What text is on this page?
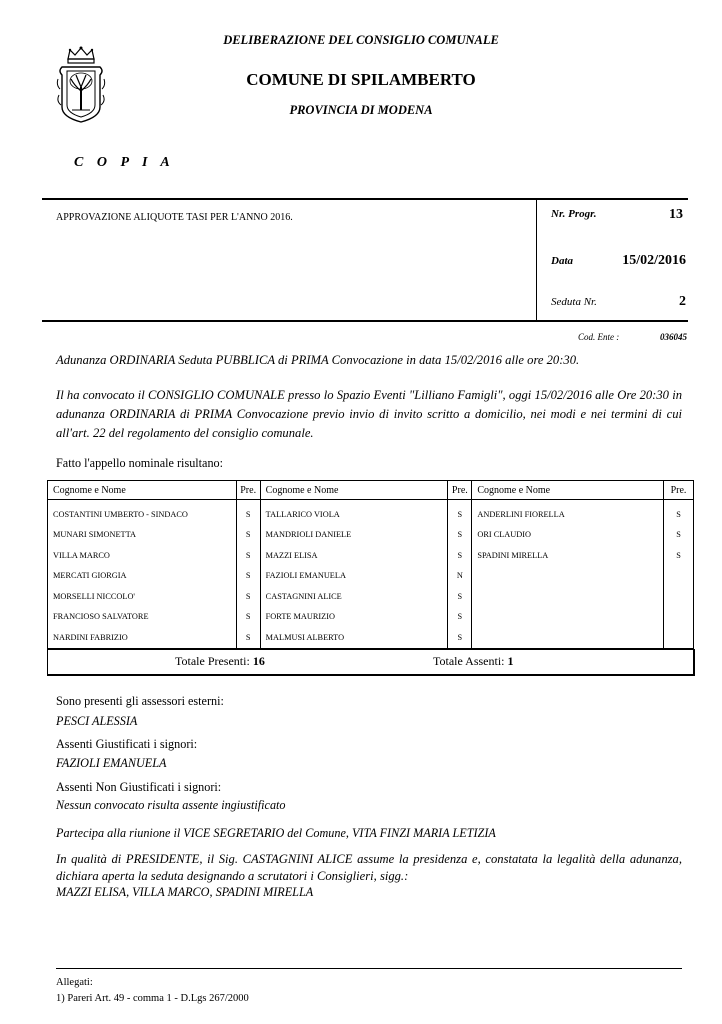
DELIBERAZIONE DEL CONSIGLIO COMUNALE
COMUNE DI SPILAMBERTO
PROVINCIA DI MODENA
C O P I A
APPROVAZIONE ALIQUOTE TASI PER L'ANNO 2016.	Nr. Progr.	13
Data	15/02/2016
Seduta Nr.	2
Cod. Ente :	036045
Adunanza ORDINARIA Seduta PUBBLICA di PRIMA Convocazione in data 15/02/2016 alle ore 20:30.
Il ha convocato il CONSIGLIO COMUNALE presso lo Spazio Eventi "Lilliano Famigli", oggi 15/02/2016 alle Ore 20:30 in adunanza ORDINARIA di PRIMA Convocazione previo invio di invito scritto a domicilio, nei modi e nei termini di cui all'art. 22 del regolamento del consiglio comunale.
Fatto l'appello nominale risultano:
Cognome e Nome	Pre.	Cognome e Nome	Pre.	Cognome e Nome	Pre.

COSTANTINI UMBERTO - SINDACO	S	TALLARICO VIOLA	S	ANDERLINI FIORELLA	S
MUNARI SIMONETTA	S	MANDRIOLI DANIELE	S	ORI CLAUDIO	S
VILLA MARCO	S	MAZZI ELISA	S	SPADINI MIRELLA	S
MERCATI GIORGIA	S	FAZIOLI EMANUELA	N		
MORSELLI NICCOLO'	S	CASTAGNINI ALICE	S		
FRANCIOSO SALVATORE	S	FORTE MAURIZIO	S		
NARDINI FABRIZIO	S	MALMUSI ALBERTO	S		
Totale Presenti: 16	Totale Assenti: 1
Sono presenti gli assessori esterni:
PESCI ALESSIA
Assenti Giustificati i signori:
FAZIOLI EMANUELA
Assenti Non Giustificati i signori:
Nessun convocato risulta assente ingiustificato
Partecipa alla riunione il VICE SEGRETARIO del Comune, VITA FINZI MARIA LETIZIA
In qualità di PRESIDENTE, il Sig. CASTAGNINI ALICE assume la presidenza e, constatata la legalità della adunanza, dichiara aperta la seduta designando a scrutatori i Consiglieri, sigg.:
MAZZI ELISA, VILLA MARCO, SPADINI MIRELLA
Allegati:
1) Pareri Art. 49 - comma 1 - D.Lgs 267/2000
